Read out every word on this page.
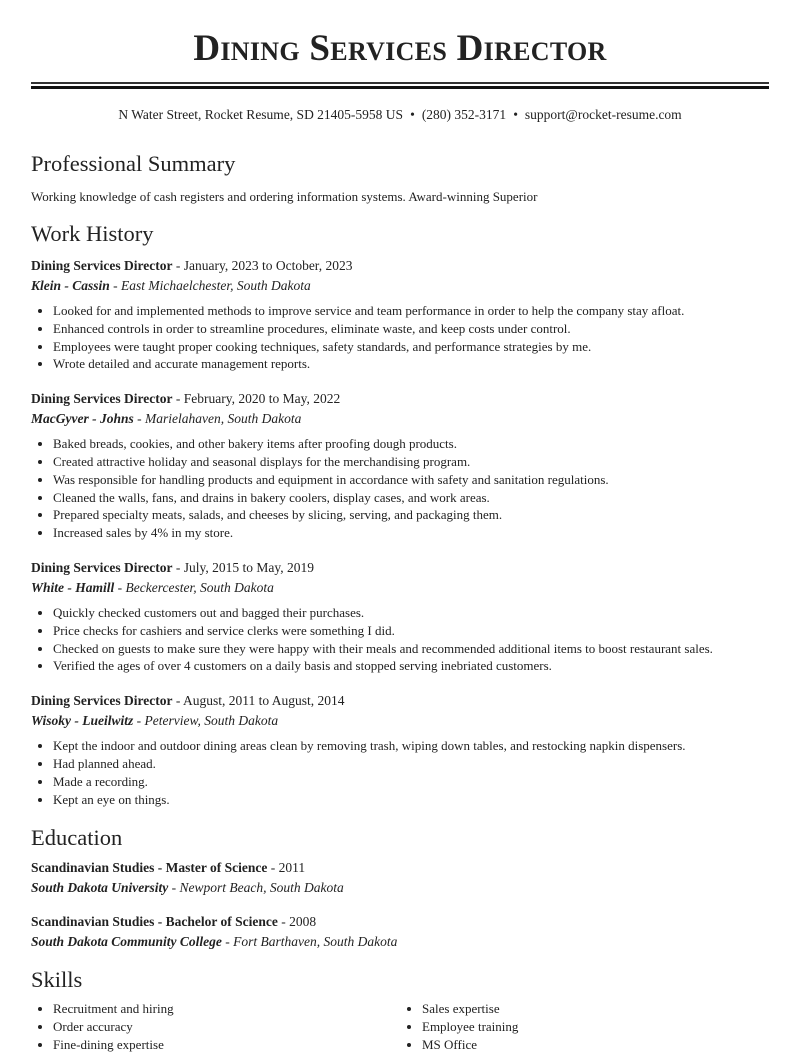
Dining Services Director
N Water Street, Rocket Resume, SD 21405-5958 US • (280) 352-3171 • support@rocket-resume.com
Professional Summary
Working knowledge of cash registers and ordering information systems. Award-winning Superior
Work History
Dining Services Director - January, 2023 to October, 2023
Klein - Cassin - East Michaelchester, South Dakota
• Looked for and implemented methods to improve service and team performance in order to help the company stay afloat.
• Enhanced controls in order to streamline procedures, eliminate waste, and keep costs under control.
• Employees were taught proper cooking techniques, safety standards, and performance strategies by me.
• Wrote detailed and accurate management reports.
Dining Services Director - February, 2020 to May, 2022
MacGyver - Johns - Marielahaven, South Dakota
• Baked breads, cookies, and other bakery items after proofing dough products.
• Created attractive holiday and seasonal displays for the merchandising program.
• Was responsible for handling products and equipment in accordance with safety and sanitation regulations.
• Cleaned the walls, fans, and drains in bakery coolers, display cases, and work areas.
• Prepared specialty meats, salads, and cheeses by slicing, serving, and packaging them.
• Increased sales by 4% in my store.
Dining Services Director - July, 2015 to May, 2019
White - Hamill - Beckercester, South Dakota
• Quickly checked customers out and bagged their purchases.
• Price checks for cashiers and service clerks were something I did.
• Checked on guests to make sure they were happy with their meals and recommended additional items to boost restaurant sales.
• Verified the ages of over 4 customers on a daily basis and stopped serving inebriated customers.
Dining Services Director - August, 2011 to August, 2014
Wisoky - Lueilwitz - Peterview, South Dakota
• Kept the indoor and outdoor dining areas clean by removing trash, wiping down tables, and restocking napkin dispensers.
• Had planned ahead.
• Made a recording.
• Kept an eye on things.
Education
Scandinavian Studies - Master of Science - 2011
South Dakota University - Newport Beach, South Dakota
Scandinavian Studies - Bachelor of Science - 2008
South Dakota Community College - Fort Barthaven, South Dakota
Skills
• Recruitment and hiring
• Order accuracy
• Fine-dining expertise
• Sales expertise
• Employee training
• MS Office
